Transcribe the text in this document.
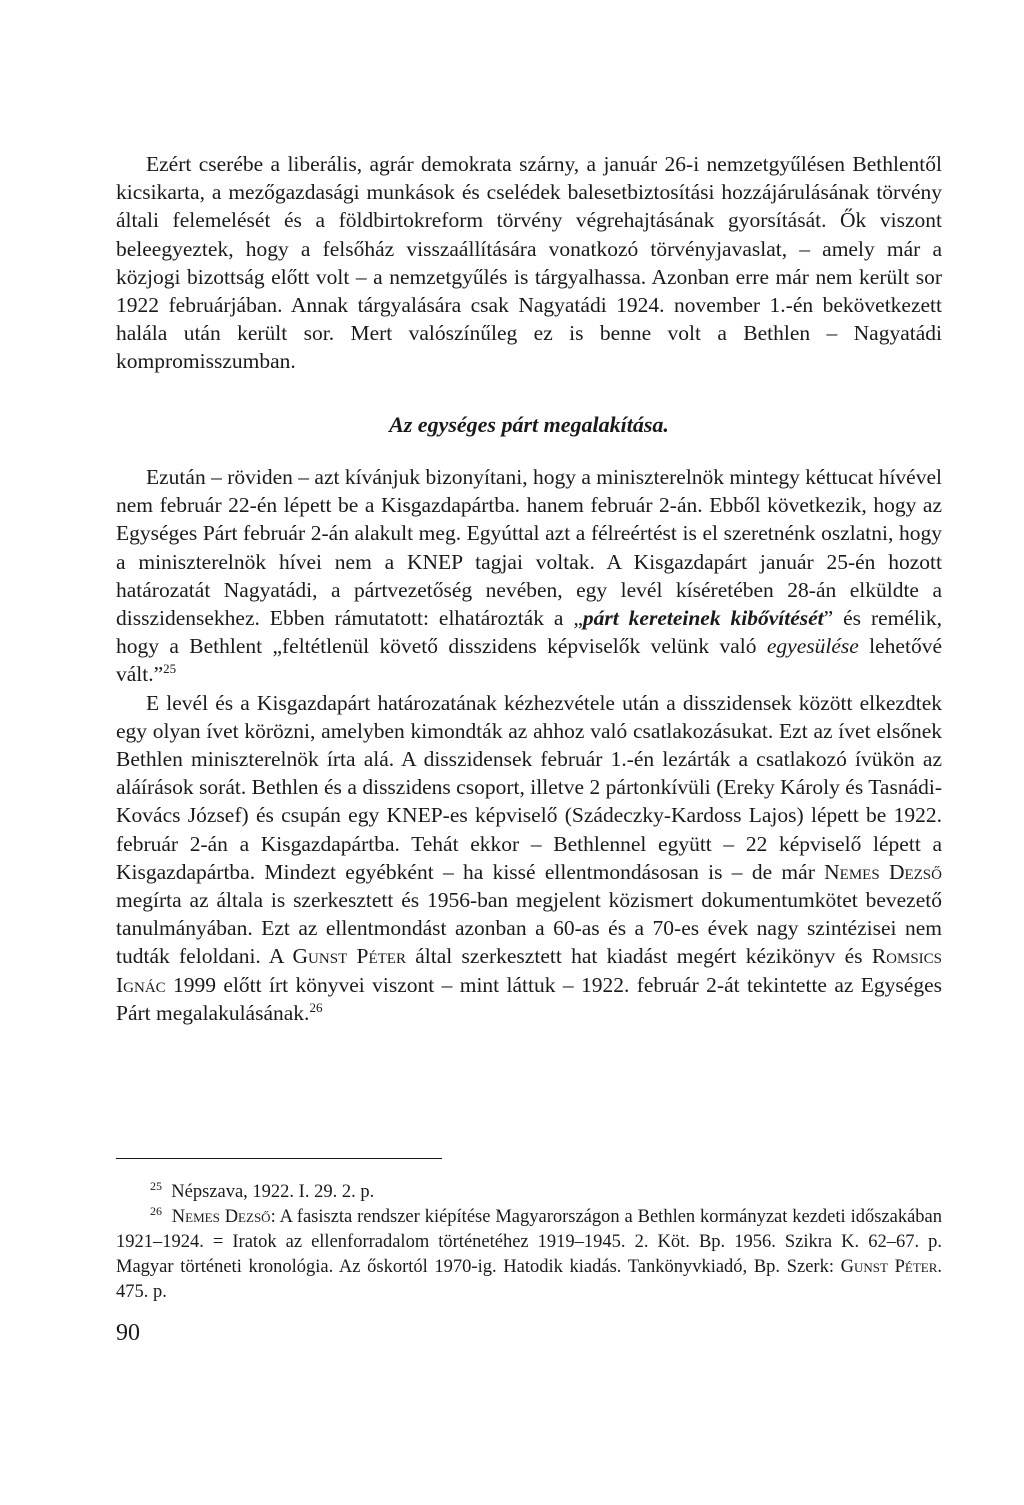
Ezért cserébe a liberális, agrár demokrata szárny, a január 26-i nemzetgyűlésen Bethlentől kicsikarta, a mezőgazdasági munkások és cselédek balesetbiztosítási hozzájárulásának törvény általi felemelését és a földbirtokreform törvény végrehajtásának gyorsítását. Ők viszont beleegyeztek, hogy a felsőház visszaállítására vonatkozó törvényjavaslat, – amely már a közjogi bizottság előtt volt – a nemzetgyűlés is tárgyalhassa. Azonban erre már nem került sor 1922 februárjában. Annak tárgyalására csak Nagyatádi 1924. november 1.-én bekövetkezett halála után került sor. Mert valószínűleg ez is benne volt a Bethlen – Nagyatádi kompromisszumban.

Az egységes párt megalakítása.

Ezután – röviden – azt kívánjuk bizonyítani, hogy a miniszterelnök mintegy kéttucat hívével nem február 22-én lépett be a Kisgazdapártba. hanem február 2-án. Ebből következik, hogy az Egységes Párt február 2-án alakult meg. Egyúttal azt a félreértést is el szeretnénk oszlatni, hogy a miniszterelnök hívei nem a KNEP tagjai voltak. A Kisgazdapárt január 25-én hozott határozatát Nagyatádi, a pártvezetőség nevében, egy levél kíséretében 28-án elküldte a disszidensekhez. Ebben rámutatott: elhatározták a „párt kereteinek kibővítését” és remélik, hogy a Bethlent „feltétlenül követő disszidens képviselők velünk való egyesülése lehetővé vált.”$^{25}$

E levél és a Kisgazdapárt határozatának kézhezvétele után a disszidensek között elkezdtek egy olyan ívet körözni, amelyben kimondták az ahhoz való csatlakozásukat. Ezt az ívet elsőnek Bethlen miniszterelnök írta alá. A disszidensek február 1.-én lezárták a csatlakozó ívükön az aláírások sorát. Bethlen és a disszidens csoport, illetve 2 pártonkívüli (Ereky Károly és Tasnádi-Kovács József) és csupán egy KNEP-es képviselő (Szádeczky-Kardoss Lajos) lépett be 1922. február 2-án a Kisgazdapártba. Tehát ekkor – Bethlennel együtt – 22 képviselő lépett a Kisgazdapártba. Mindezt egyébként – ha kissé ellentmondásosan is – de már Nemes Dezső megírta az általa is szerkesztett és 1956-ban megjelent közismert dokumentumkötet bevezető tanulmányában. Ezt az ellentmondást azonban a 60-as és a 70-es évek nagy szintézisei nem tudták feloldani. A Gunst Péter által szerkesztett hat kiadást megért kézikönyv és Romsics Ignác 1999 előtt írt könyvei viszont – mint láttuk – 1922. február 2-át tekintette az Egységes Párt megalakulásának.$^{26}$

$^{25}$ Népszava, 1922. I. 29. 2. p.

$^{26}$ Nemes Dezső: A fasiszta rendszer kiépítése Magyarországon a Bethlen kormányzat kezdeti időszakában 1921–1924. = Iratok az ellenforradalom történetéhez 1919–1945. 2. Köt. Bp. 1956. Szikra K. 62–67. p. Magyar történeti kronológia. Az őskortól 1970-ig. Hatodik kiadás. Tankönyvkiadó, Bp. Szerk: Gunst Péter. 475. p.

90
